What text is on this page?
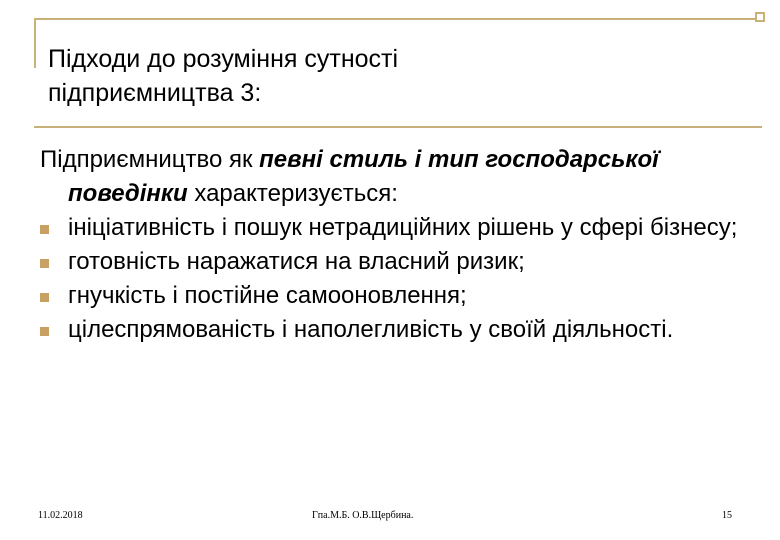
Підходи до розуміння сутності
підприємництва 3:

Підприємництво як певні стиль і тип господарської поведінки характеризується:

ініціативність і пошук нетрадиційних рішень у сфері бізнесу;
готовність наражатися на власний ризик;
гнучкість і постійне самооновлення;
цілеспрямованість і наполегливість у своїй діяльності.
11.02.2018	Гпа.М.Б. О.В.Щербина.	15
